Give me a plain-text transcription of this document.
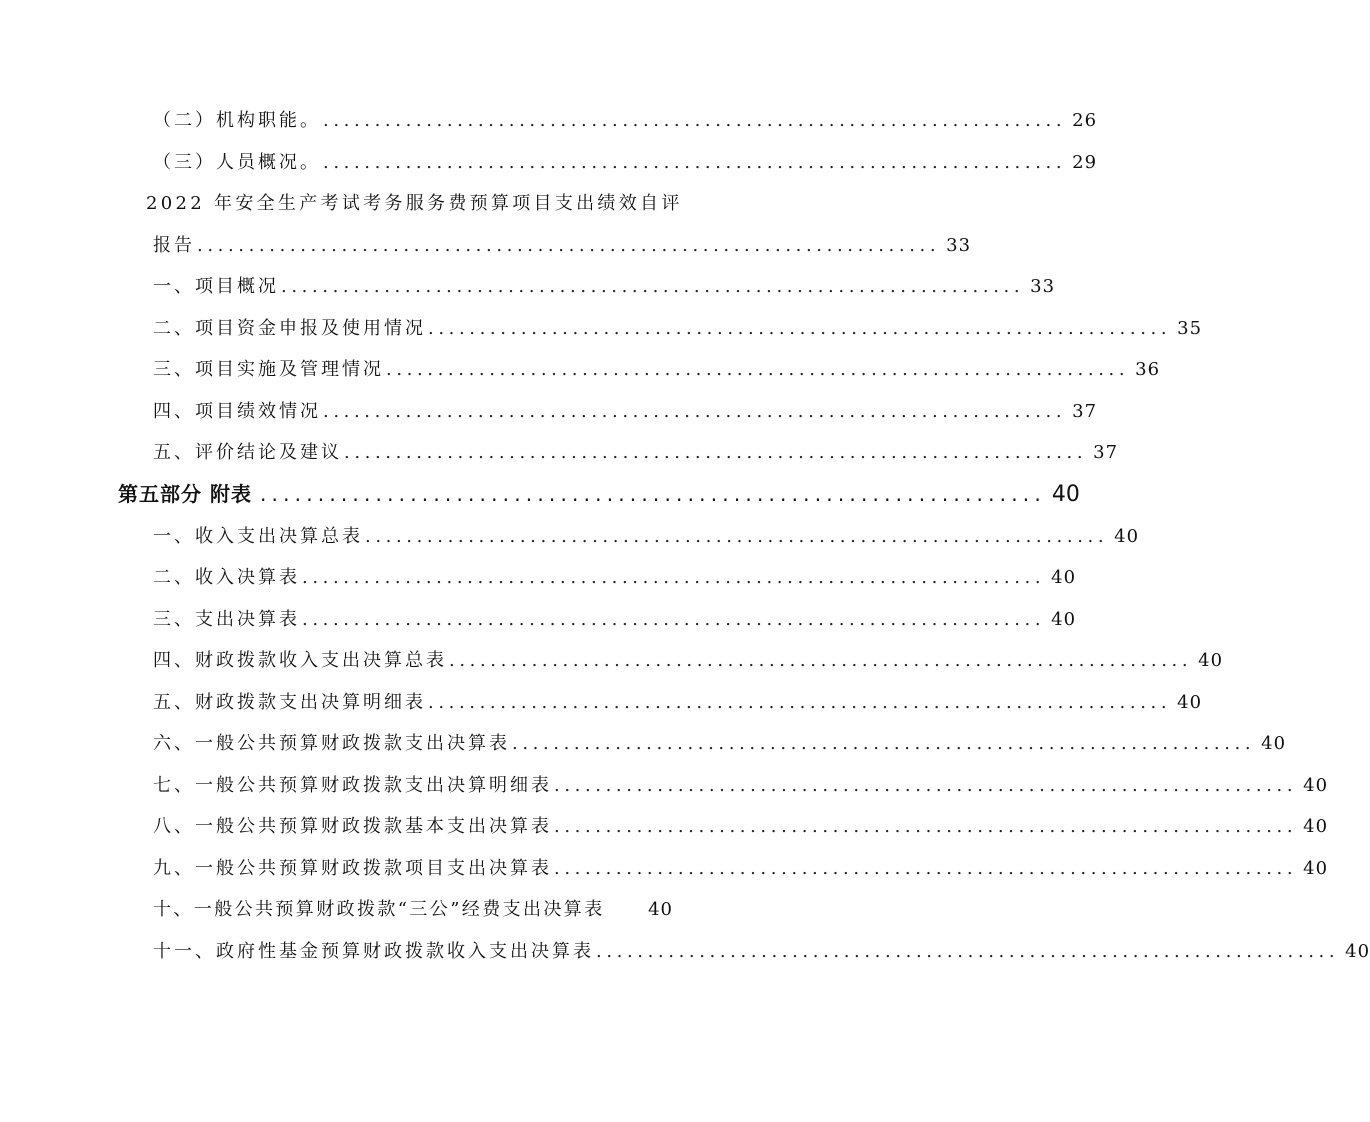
（二）机构职能。 ........................................................................ 26
（三）人员概况。 ........................................................................ 29
2022 年安全生产考试考务服务费预算项目支出绩效自评
报告 ........................................................................ 33
一、项目概况 ........................................................................ 33
二、项目资金申报及使用情况 ........................................................................ 35
三、项目实施及管理情况 ........................................................................ 36
四、项目绩效情况 ........................................................................ 37
五、评价结论及建议 ........................................................................ 37
第五部分 附表 .................................................................... 40
一、收入支出决算总表 ........................................................................ 40
二、收入决算表 ........................................................................ 40
三、支出决算表 ........................................................................ 40
四、财政拨款收入支出决算总表 ........................................................................ 40
五、财政拨款支出决算明细表 ........................................................................ 40
六、一般公共预算财政拨款支出决算表 ........................................................................ 40
七、一般公共预算财政拨款支出决算明细表 ........................................................................ 40
八、一般公共预算财政拨款基本支出决算表 ........................................................................ 40
九、一般公共预算财政拨款项目支出决算表 ........................................................................ 40
十、一般公共预算财政拨款“三公”经费支出决算表 40
十一、政府性基金预算财政拨款收入支出决算表 ........................................................................ 40
